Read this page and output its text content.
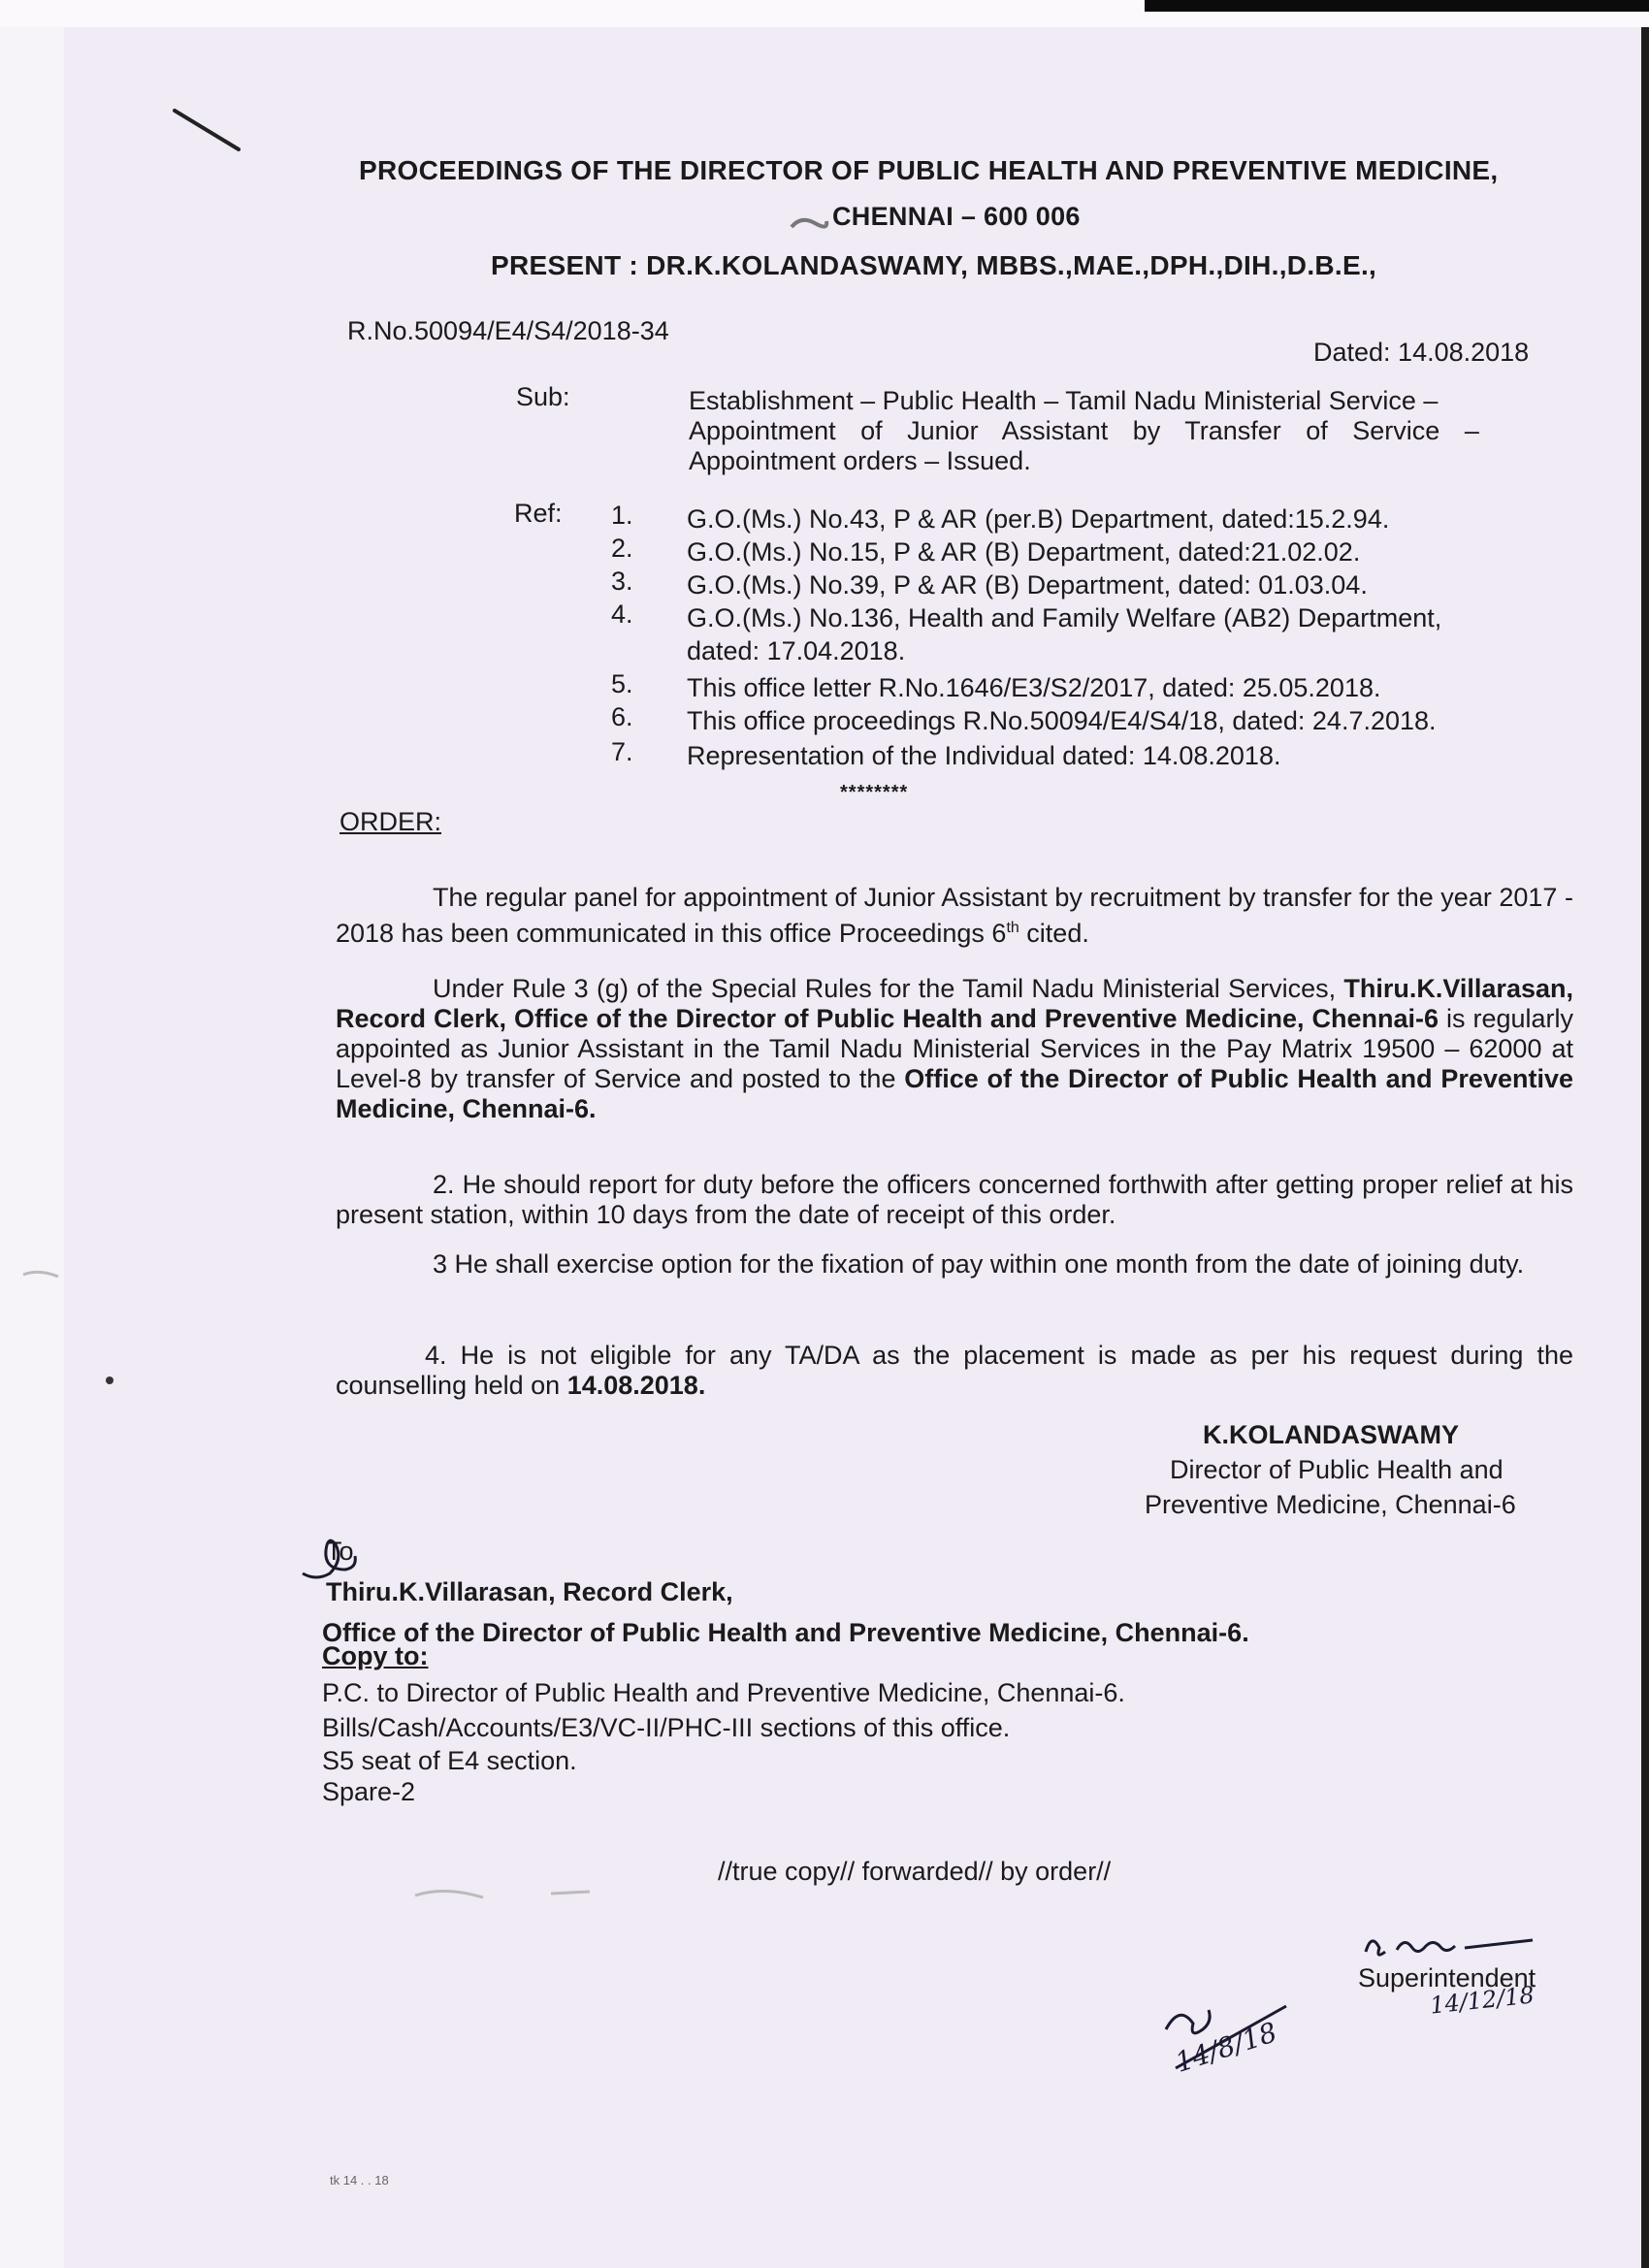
PROCEEDINGS OF THE DIRECTOR OF PUBLIC HEALTH AND PREVENTIVE MEDICINE,
CHENNAI – 600 006
PRESENT : DR.K.KOLANDASWAMY, MBBS.,MAE.,DPH.,DIH.,D.B.E.,
R.No.50094/E4/S4/2018-34
Dated: 14.08.2018
Sub:	Establishment – Public Health – Tamil Nadu Ministerial Service –
Appointment of Junior Assistant by Transfer of Service –
Appointment orders – Issued.
Ref: 1. G.O.(Ms.) No.43, P & AR (per.B) Department, dated:15.2.94.
2. G.O.(Ms.) No.15, P & AR (B) Department, dated:21.02.02.
3. G.O.(Ms.) No.39, P & AR (B) Department, dated: 01.03.04.
4. G.O.(Ms.) No.136, Health and Family Welfare (AB2) Department,
dated: 17.04.2018.
5. This office letter R.No.1646/E3/S2/2017, dated: 25.05.2018.
6. This office proceedings R.No.50094/E4/S4/18, dated: 24.7.2018.
7. Representation of the Individual dated: 14.08.2018.
********
ORDER:
The regular panel for appointment of Junior Assistant by recruitment by transfer for the year 2017 - 2018 has been communicated in this office Proceedings 6th cited.
Under Rule 3 (g) of the Special Rules for the Tamil Nadu Ministerial Services, Thiru.K.Villarasan, Record Clerk, Office of the Director of Public Health and Preventive Medicine, Chennai-6 is regularly appointed as Junior Assistant in the Tamil Nadu Ministerial Services in the Pay Matrix 19500 – 62000 at Level-8 by transfer of Service and posted to the Office of the Director of Public Health and Preventive Medicine, Chennai-6.
2. He should report for duty before the officers concerned forthwith after getting proper relief at his present station, within 10 days from the date of receipt of this order.
3 He shall exercise option for the fixation of pay within one month from the date of joining duty.
4. He is not eligible for any TA/DA as the placement is made as per his request during the counselling held on 14.08.2018.
K.KOLANDASWAMY
Director of Public Health and
Preventive Medicine, Chennai-6
To
Thiru.K.Villarasan, Record Clerk,
Office of the Director of Public Health and Preventive Medicine, Chennai-6.
Copy to:
P.C. to Director of Public Health and Preventive Medicine, Chennai-6.
Bills/Cash/Accounts/E3/VC-II/PHC-III sections of this office.
S5 seat of E4 section.
Spare-2
//true copy// forwarded// by order//
Superintendent
14/12/18
14/8/18
tk 14 . . 18
